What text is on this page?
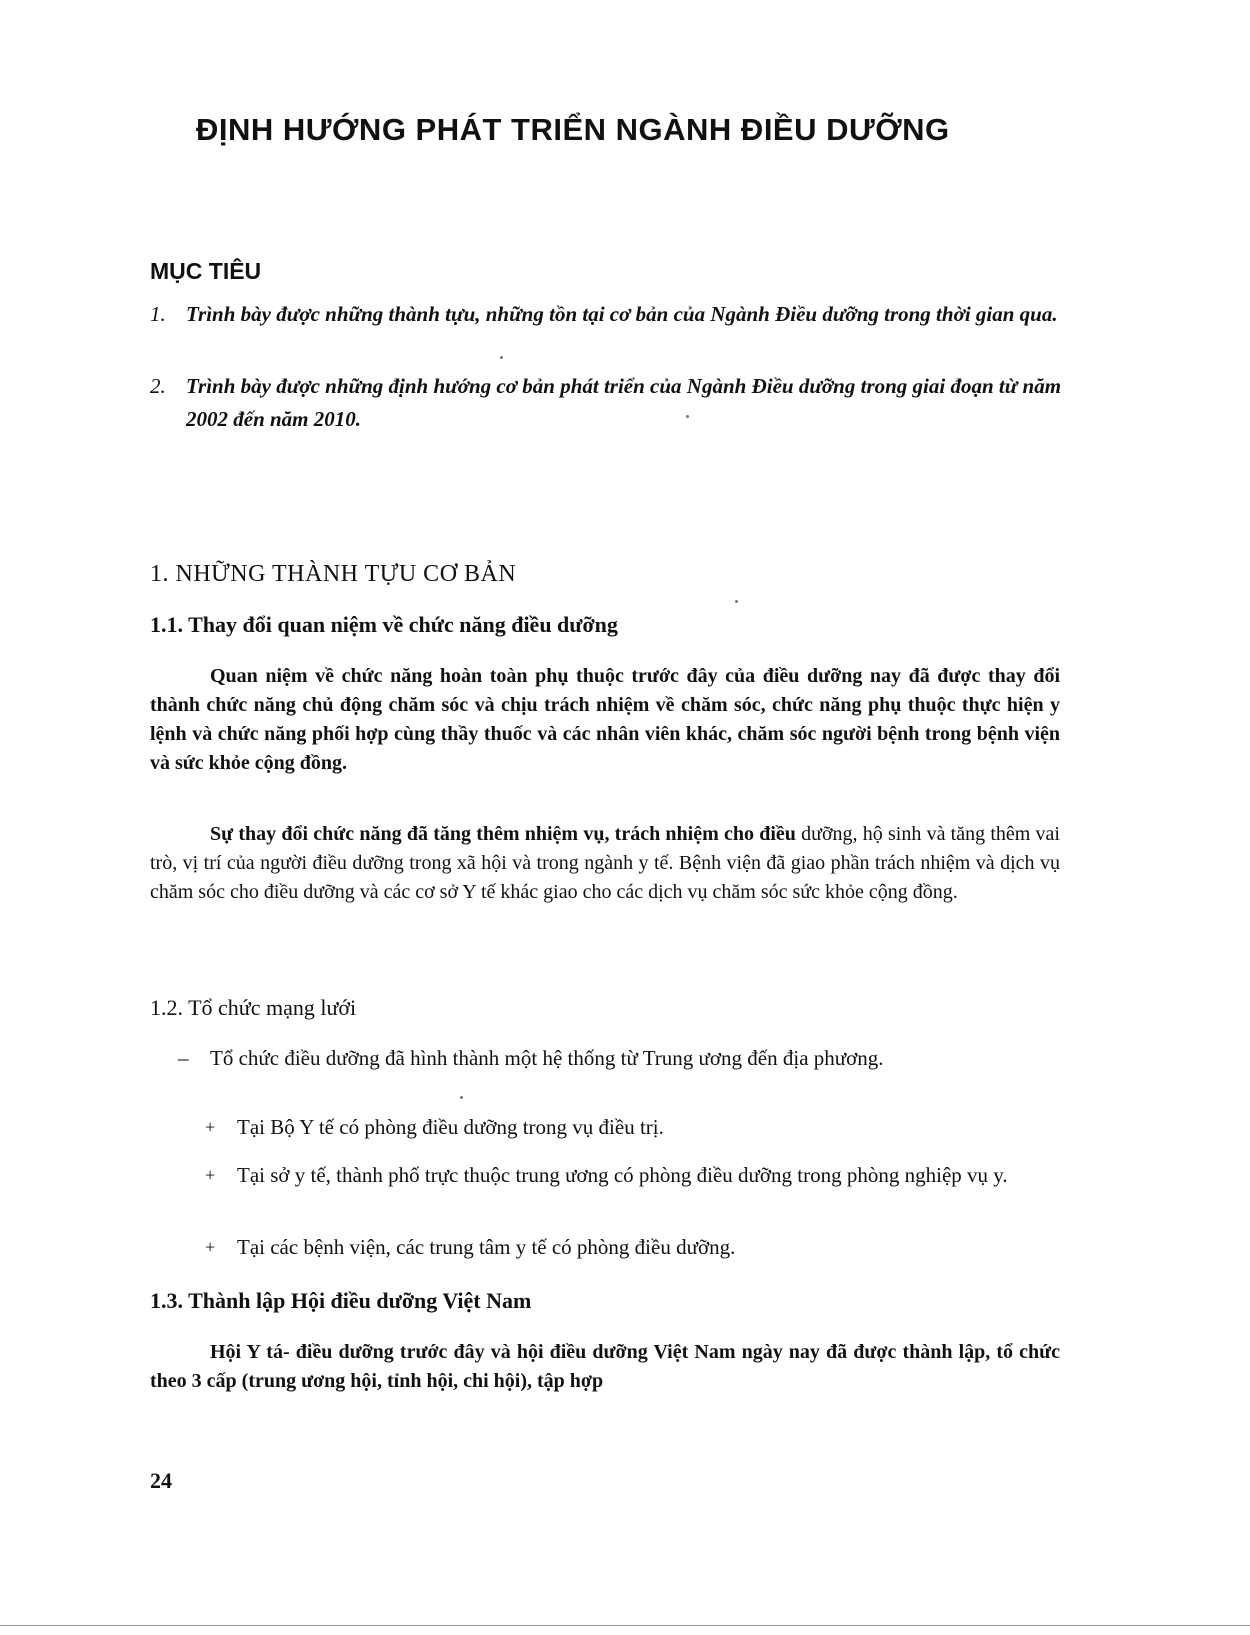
ĐỊNH HƯỚNG PHÁT TRIỂN NGÀNH ĐIỀU DƯỠNG
MỤC TIÊU
1. Trình bày được những thành tựu, những tồn tại cơ bản của Ngành Điều dưỡng trong thời gian qua.
2. Trình bày được những định hướng cơ bản phát triển của Ngành Điều dưỡng trong giai đoạn từ năm 2002 đến năm 2010.
1. NHỮNG THÀNH TỰU CƠ BẢN
1.1. Thay đổi quan niệm về chức năng điều dưỡng
Quan niệm về chức năng hoàn toàn phụ thuộc trước đây của điều dưỡng nay đã được thay đổi thành chức năng chủ động chăm sóc và chịu trách nhiệm về chăm sóc, chức năng phụ thuộc thực hiện y lệnh và chức năng phối hợp cùng thầy thuốc và các nhân viên khác, chăm sóc người bệnh trong bệnh viện và sức khỏe cộng đồng.
Sự thay đổi chức năng đã tăng thêm nhiệm vụ, trách nhiệm cho điều dưỡng, hộ sinh và tăng thêm vai trò, vị trí của người điều dưỡng trong xã hội và trong ngành y tế. Bệnh viện đã giao phần trách nhiệm và dịch vụ chăm sóc cho điều dưỡng và các cơ sở Y tế khác giao cho các dịch vụ chăm sóc sức khỏe cộng đồng.
1.2. Tổ chức mạng lưới
– Tổ chức điều dưỡng đã hình thành một hệ thống từ Trung ương đến địa phương.
+ Tại Bộ Y tế có phòng điều dưỡng trong vụ điều trị.
+ Tại sở y tế, thành phố trực thuộc trung ương có phòng điều dưỡng trong phòng nghiệp vụ y.
+ Tại các bệnh viện, các trung tâm y tế có phòng điều dưỡng.
1.3. Thành lập Hội điều dưỡng Việt Nam
Hội Y tá- điều dưỡng trước đây và hội điều dưỡng Việt Nam ngày nay đã được thành lập, tổ chức theo 3 cấp (trung ương hội, tỉnh hội, chi hội), tập hợp
24
